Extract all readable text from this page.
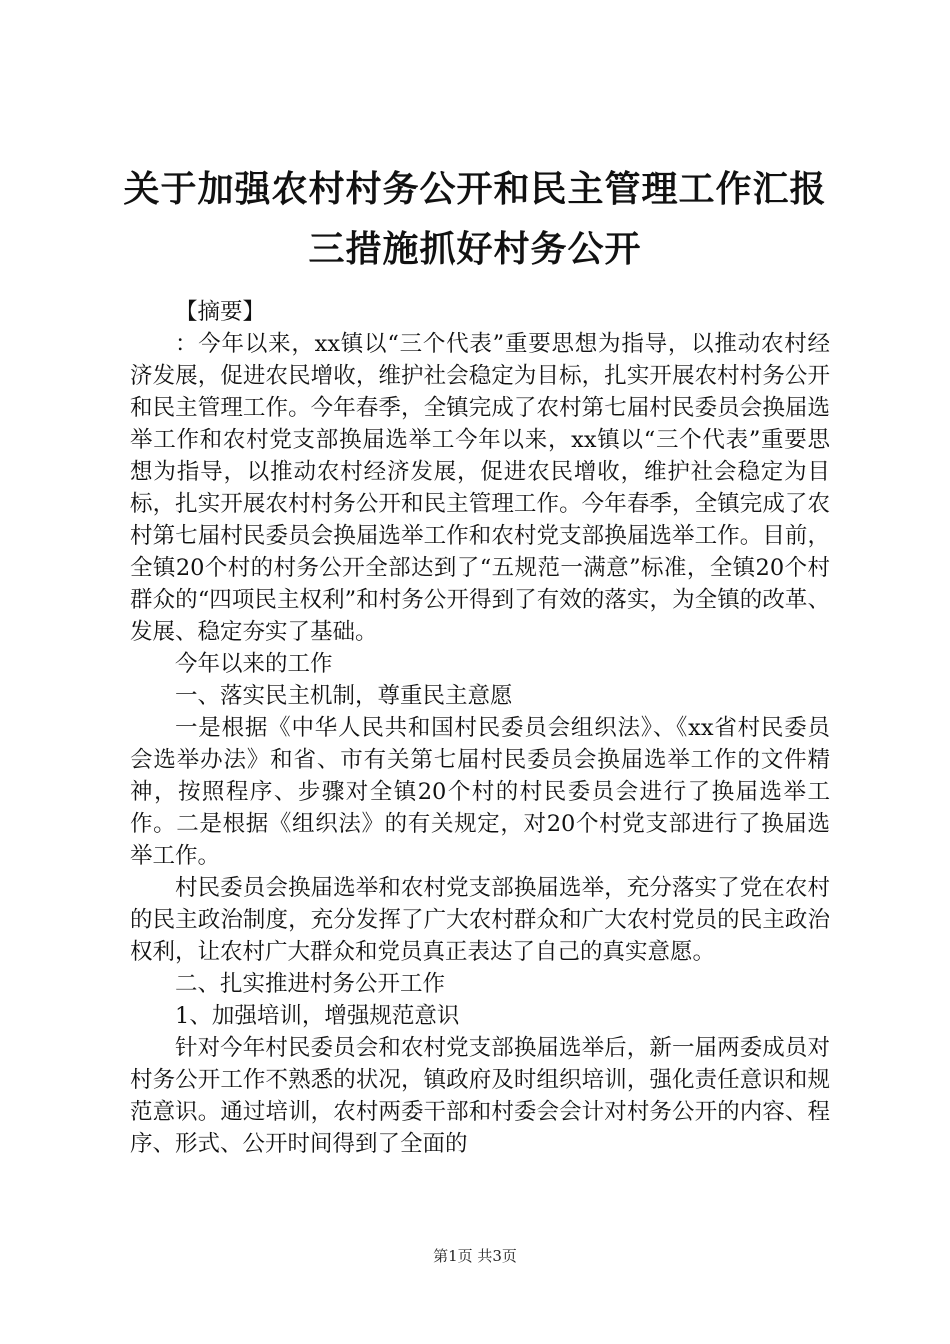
关于加强农村村务公开和民主管理工作汇报三措施抓好村务公开

【摘要】

：今年以来，xx镇以“三个代表”重要思想为指导，以推动农村经济发展，促进农民增收，维护社会稳定为目标，扎实开展农村村务公开和民主管理工作。今年春季，全镇完成了农村第七届村民委员会换届选举工作和农村党支部换届选举工今年以来，xx镇以“三个代表”重要思想为指导，以推动农村经济发展，促进农民增收，维护社会稳定为目标，扎实开展农村村务公开和民主管理工作。今年春季，全镇完成了农村第七届村民委员会换届选举工作和农村党支部换届选举工作。目前，全镇20个村的村务公开全部达到了“五规范一满意”标准，全镇20个村群众的“四项民主权利”和村务公开得到了有效的落实，为全镇的改革、发展、稳定夯实了基础。

今年以来的工作

一、落实民主机制，尊重民主意愿

一是根据《中华人民共和国村民委员会组织法》、《xx省村民委员会选举办法》和省、市有关第七届村民委员会换届选举工作的文件精神，按照程序、步骤对全镇20个村的村民委员会进行了换届选举工作。二是根据《组织法》的有关规定，对20个村党支部进行了换届选举工作。

村民委员会换届选举和农村党支部换届选举，充分落实了党在农村的民主政治制度，充分发挥了广大农村群众和广大农村党员的民主政治权利，让农村广大群众和党员真正表达了自己的真实意愿。

二、扎实推进村务公开工作

1、加强培训，增强规范意识

针对今年村民委员会和农村党支部换届选举后，新一届两委成员对村务公开工作不熟悉的状况，镇政府及时组织培训，强化责任意识和规范意识。通过培训，农村两委干部和村委会会计对村务公开的内容、程序、形式、公开时间得到了全面的

第1页 共3页
